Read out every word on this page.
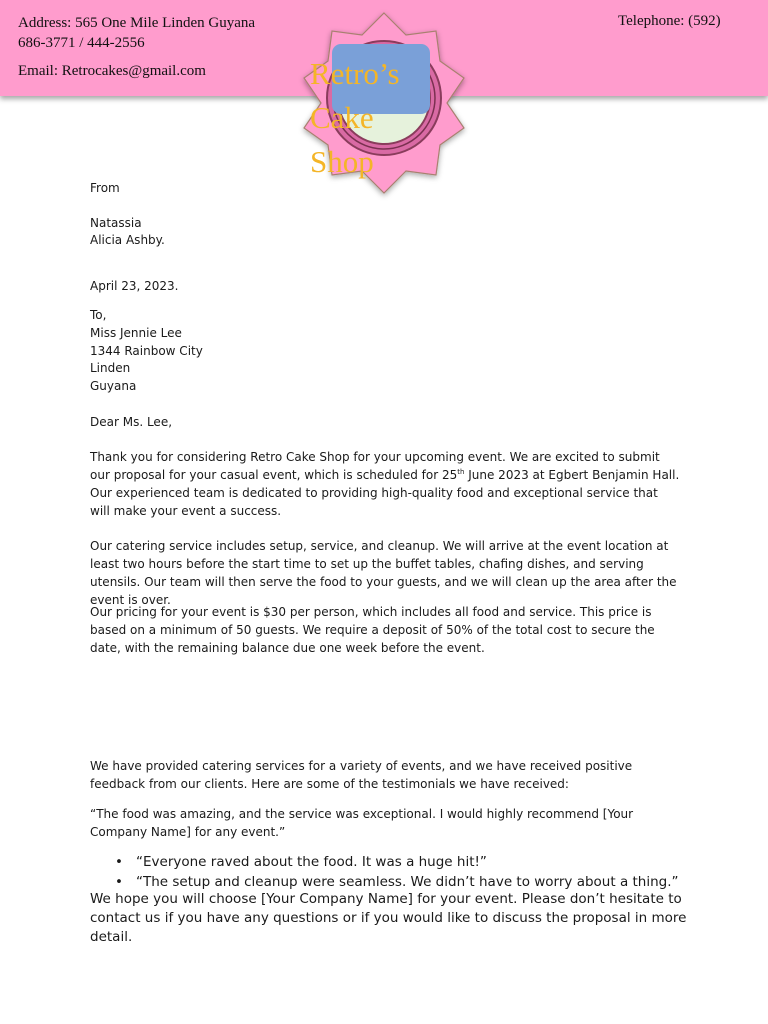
Address: 565 One Mile Linden Guyana
686-3771 / 444-2556
Email: Retrocakes@gmail.com
Telephone: (592)
Retro’s Cake Shop
From
Natassia
Alicia Ashby.
April 23, 2023.
To,
Miss Jennie Lee
1344 Rainbow City
Linden
Guyana
Dear Ms. Lee,
Thank you for considering Retro Cake Shop for your upcoming event. We are excited to submit our proposal for your casual event, which is scheduled for 25th June 2023 at Egbert Benjamin Hall. Our experienced team is dedicated to providing high-quality food and exceptional service that will make your event a success.
Our catering service includes setup, service, and cleanup. We will arrive at the event location at least two hours before the start time to set up the buffet tables, chafing dishes, and serving utensils. Our team will then serve the food to your guests, and we will clean up the area after the event is over.
Our pricing for your event is $30 per person, which includes all food and service. This price is based on a minimum of 50 guests. We require a deposit of 50% of the total cost to secure the date, with the remaining balance due one week before the event.
We have provided catering services for a variety of events, and we have received positive feedback from our clients. Here are some of the testimonials we have received:
“The food was amazing, and the service was exceptional. I would highly recommend [Your Company Name] for any event.”
• “Everyone raved about the food. It was a huge hit!”
• “The setup and cleanup were seamless. We didn’t have to worry about a thing.”
We hope you will choose [Your Company Name] for your event. Please don’t hesitate to contact us if you have any questions or if you would like to discuss the proposal in more detail.
